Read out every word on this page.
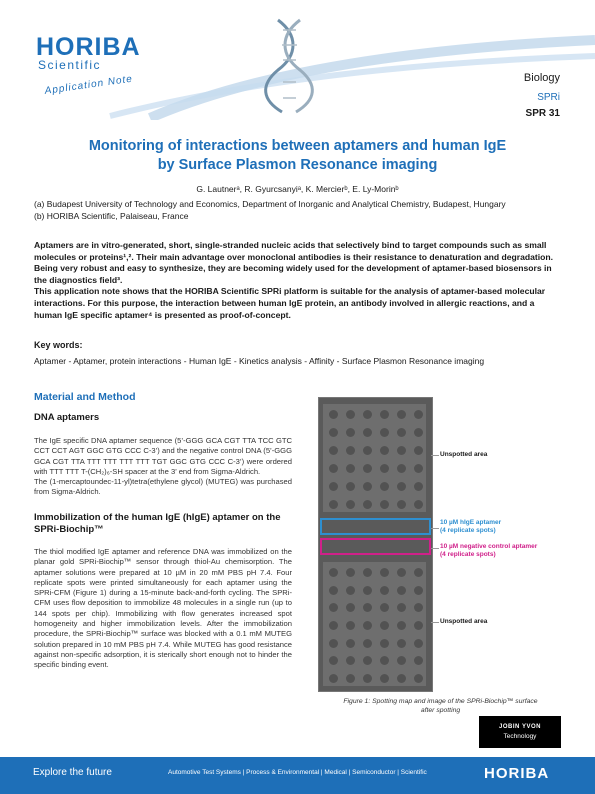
HORIBA
Scientific
Application Note	Biology
SPRi
SPR 31
Monitoring of interactions between aptamers and human IgE
by Surface Plasmon Resonance imaging
G. Lautnerᵃ, R. Gyurcsanyiᵃ, K. Mercierᵇ, E. Ly-Morinᵇ
(a) Budapest University of Technology and Economics, Department of Inorganic and Analytical Chemistry, Budapest, Hungary
(b) HORIBA Scientific, Palaiseau, France

Aptamers are in vitro-generated, short, single-stranded nucleic acids that selectively bind to target compounds such as small molecules or proteins¹,². Their main advantage over monoclonal antibodies is their resistance to denaturation and degradation. Being very robust and easy to synthesize, they are becoming widely used for the development of aptamer-based biosensors in the diagnostics field³.

This application note shows that the HORIBA Scientific SPRi platform is suitable for the analysis of aptamer-based molecular interactions. For this purpose, the interaction between human IgE protein, an antibody involved in allergic reactions, and a human IgE specific aptamer⁴ is presented as proof-of-concept.

Key words:
Aptamer - Aptamer, protein interactions - Human IgE - Kinetics analysis - Affinity - Surface Plasmon Resonance imaging
Material and Method
DNA aptamers

The IgE specific DNA aptamer sequence (5’-GGG GCA CGT TTA TCC GTC CCT CCT AGT GGC GTG CCC C-3’) and the negative control DNA (5’-GGG GCA CGT TTA TTT TTT TTT TTT TGT GGC GTG CCC C-3’) were ordered with TTT TTT T-(CH₂)₆-SH spacer at the 3’ end from Sigma-Aldrich.

The (1-mercaptoundec-11-yl)tetra(ethylene glycol) (MUTEG) was purchased from Sigma-Aldrich.

Immobilization of the human IgE (hIgE) aptamer on the
SPRi-Biochip™

The thiol modified IgE aptamer and reference DNA was immobilized on the planar gold SPRi-Biochip™ sensor through thiol-Au chemisorption. The aptamer solutions were prepared at 10 µM in 20 mM PBS pH 7.4. Four replicate spots were printed simultaneously for each aptamer using the SPRi-CFM (Figure 1) during a 15-minute back-and-forth cycling. The SPRi-CFM uses flow deposition to immobilize 48 molecules in a single run (up to 144 spots per chip). Immobilizing with flow generates increased spot homogeneity and higher immobilization levels. After the immobilization procedure, the SPRi-Biochip™ surface was blocked with a 0.1 mM MUTEG solution prepared in 10 mM PBS pH 7.4. While MUTEG has good resistance against non-specific adsorption, it is sterically short enough not to hinder the specific binding event.

Unspotted area
10 µM hIgE aptamer
(4 replicate spots)
10 µM negative control aptamer
(4 replicate spots)
Unspotted area
Figure 1: Spotting map and image of the SPRi-Biochip™ surface
after spotting
JOBIN YVON
Technology
Explore the future	Automotive Test Systems | Process & Environmental | Medical | Semiconductor | Scientific	HORIBA
